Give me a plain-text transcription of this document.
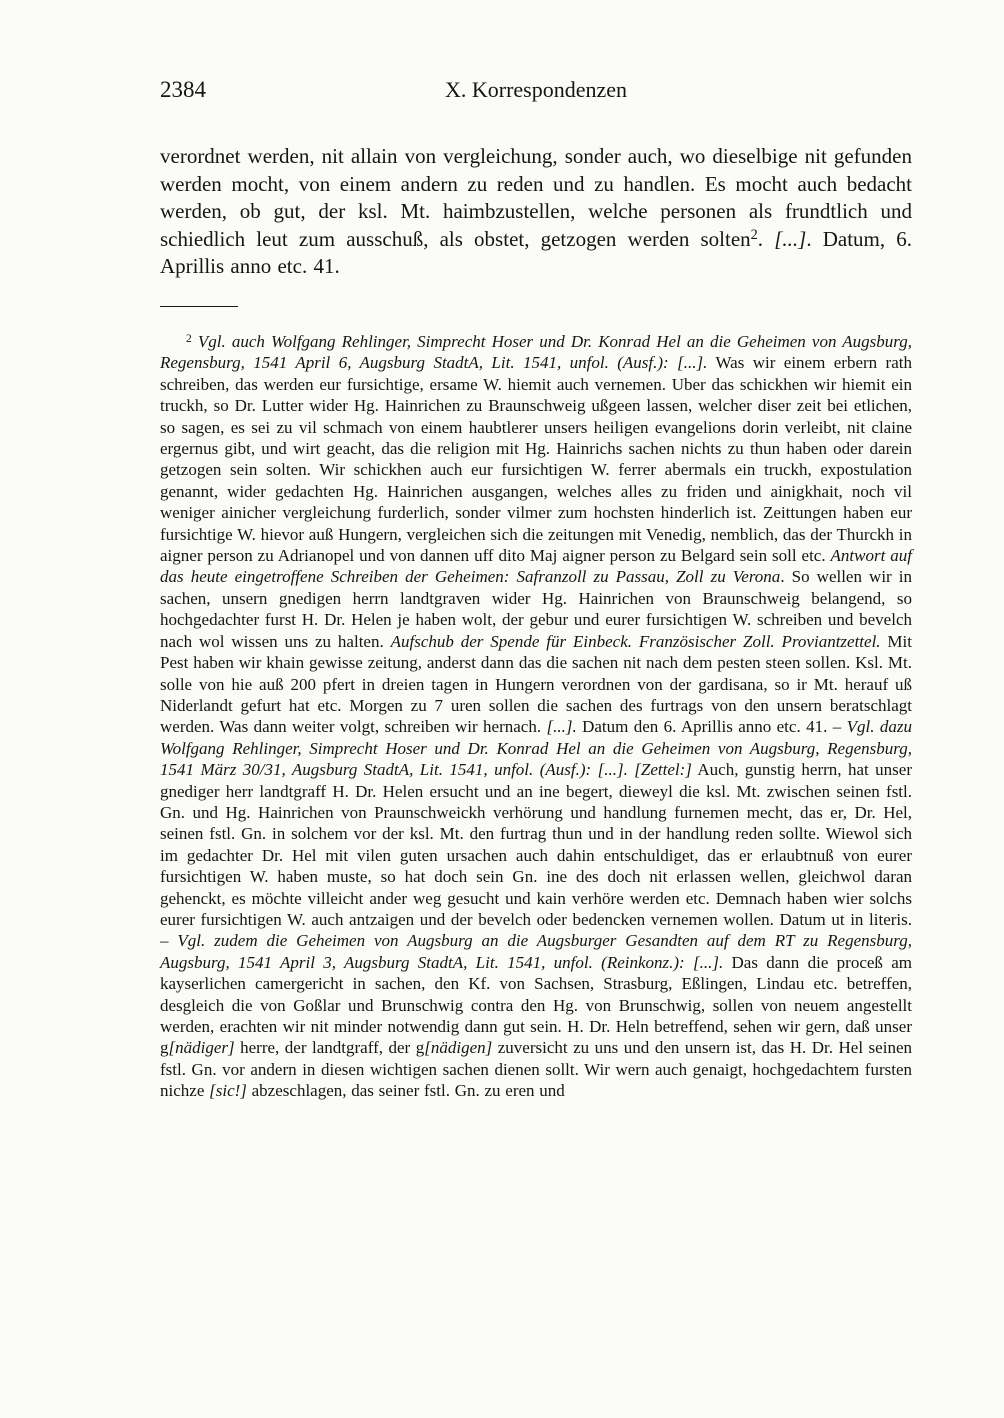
2384	X. Korrespondenzen

verordnet werden, nit allain von vergleichung, sonder auch, wo dieselbige nit gefunden werden mocht, von einem andern zu reden und zu handlen. Es mocht auch bedacht werden, ob gut, der ksl. Mt. haimbzustellen, welche personen als frundtlich und schiedlich leut zum ausschuß, als obstet, getzogen werden solten$^2$. [...]. Datum, 6. Aprillis anno etc. 41.

$^2$ Vgl. auch Wolfgang Rehlinger, Simprecht Hoser und Dr. Konrad Hel an die Geheimen von Augsburg, Regensburg, 1541 April 6, Augsburg StadtA, Lit. 1541, unfol. (Ausf.): [...]. Was wir einem erbern rath schreiben, das werden eur fursichtige, ersame W. hiemit auch vernemen. Uber das schickhen wir hiemit ein truckh, so Dr. Lutter wider Hg. Hainrichen zu Braunschweig ußgeen lassen, welcher diser zeit bei etlichen, so sagen, es sei zu vil schmach von einem haubtlerer unsers heiligen evangelions dorin verleibt, nit claine ergernus gibt, und wirt geacht, das die religion mit Hg. Hainrichs sachen nichts zu thun haben oder darein getzogen sein solten. Wir schickhen auch eur fursichtigen W. ferrer abermals ein truckh, expostulation genannt, wider gedachten Hg. Hainrichen ausgangen, welches alles zu friden und ainigkhait, noch vil weniger ainicher vergleichung furderlich, sonder vilmer zum hochsten hinderlich ist. Zeittungen haben eur fursichtige W. hievor auß Hungern, vergleichen sich die zeitungen mit Venedig, nemblich, das der Thurckh in aigner person zu Adrianopel und von dannen uff dito Maj aigner person zu Belgard sein soll etc. Antwort auf das heute eingetroffene Schreiben der Geheimen: Safranzoll zu Passau, Zoll zu Verona. So wellen wir in sachen, unsern gnedigen herrn landtgraven wider Hg. Hainrichen von Braunschweig belangend, so hochgedachter furst H. Dr. Helen je haben wolt, der gebur und eurer fursichtigen W. schreiben und bevelch nach wol wissen uns zu halten. Aufschub der Spende für Einbeck. Französischer Zoll. Proviantzettel. Mit Pest haben wir khain gewisse zeitung, anderst dann das die sachen nit nach dem pesten steen sollen. Ksl. Mt. solle von hie auß 200 pfert in dreien tagen in Hungern verordnen von der gardisana, so ir Mt. herauf uß Niderlandt gefurt hat etc. Morgen zu 7 uren sollen die sachen des furtrags von den unsern beratschlagt werden. Was dann weiter volgt, schreiben wir hernach. [...]. Datum den 6. Aprillis anno etc. 41. – Vgl. dazu Wolfgang Rehlinger, Simprecht Hoser und Dr. Konrad Hel an die Geheimen von Augsburg, Regensburg, 1541 März 30/31, Augsburg StadtA, Lit. 1541, unfol. (Ausf.): [...]. [Zettel:] Auch, gunstig herrn, hat unser gnediger herr landtgraff H. Dr. Helen ersucht und an ine begert, dieweyl die ksl. Mt. zwischen seinen fstl. Gn. und Hg. Hainrichen von Praunschweickh verhörung und handlung furnemen mecht, das er, Dr. Hel, seinen fstl. Gn. in solchem vor der ksl. Mt. den furtrag thun und in der handlung reden sollte. Wiewol sich im gedachter Dr. Hel mit vilen guten ursachen auch dahin entschuldiget, das er erlaubtnuß von eurer fursichtigen W. haben muste, so hat doch sein Gn. ine des doch nit erlassen wellen, gleichwol daran gehenckt, es möchte villeicht ander weg gesucht und kain verhöre werden etc. Demnach haben wier solchs eurer fursichtigen W. auch antzaigen und der bevelch oder bedencken vernemen wollen. Datum ut in literis. – Vgl. zudem die Geheimen von Augsburg an die Augsburger Gesandten auf dem RT zu Regensburg, Augsburg, 1541 April 3, Augsburg StadtA, Lit. 1541, unfol. (Reinkonz.): [...]. Das dann die proceß am kayserlichen camergericht in sachen, den Kf. von Sachsen, Strasburg, Eßlingen, Lindau etc. betreffen, desgleich die von Goßlar und Brunschwig contra den Hg. von Brunschwig, sollen von neuem angestellt werden, erachten wir nit minder notwendig dann gut sein. H. Dr. Heln betreffend, sehen wir gern, daß unser g[nädiger] herre, der landtgraff, der g[nädigen] zuversicht zu uns und den unsern ist, das H. Dr. Hel seinen fstl. Gn. vor andern in diesen wichtigen sachen dienen sollt. Wir wern auch genaigt, hochgedachtem fursten nichze [sic!] abzeschlagen, das seiner fstl. Gn. zu eren und
